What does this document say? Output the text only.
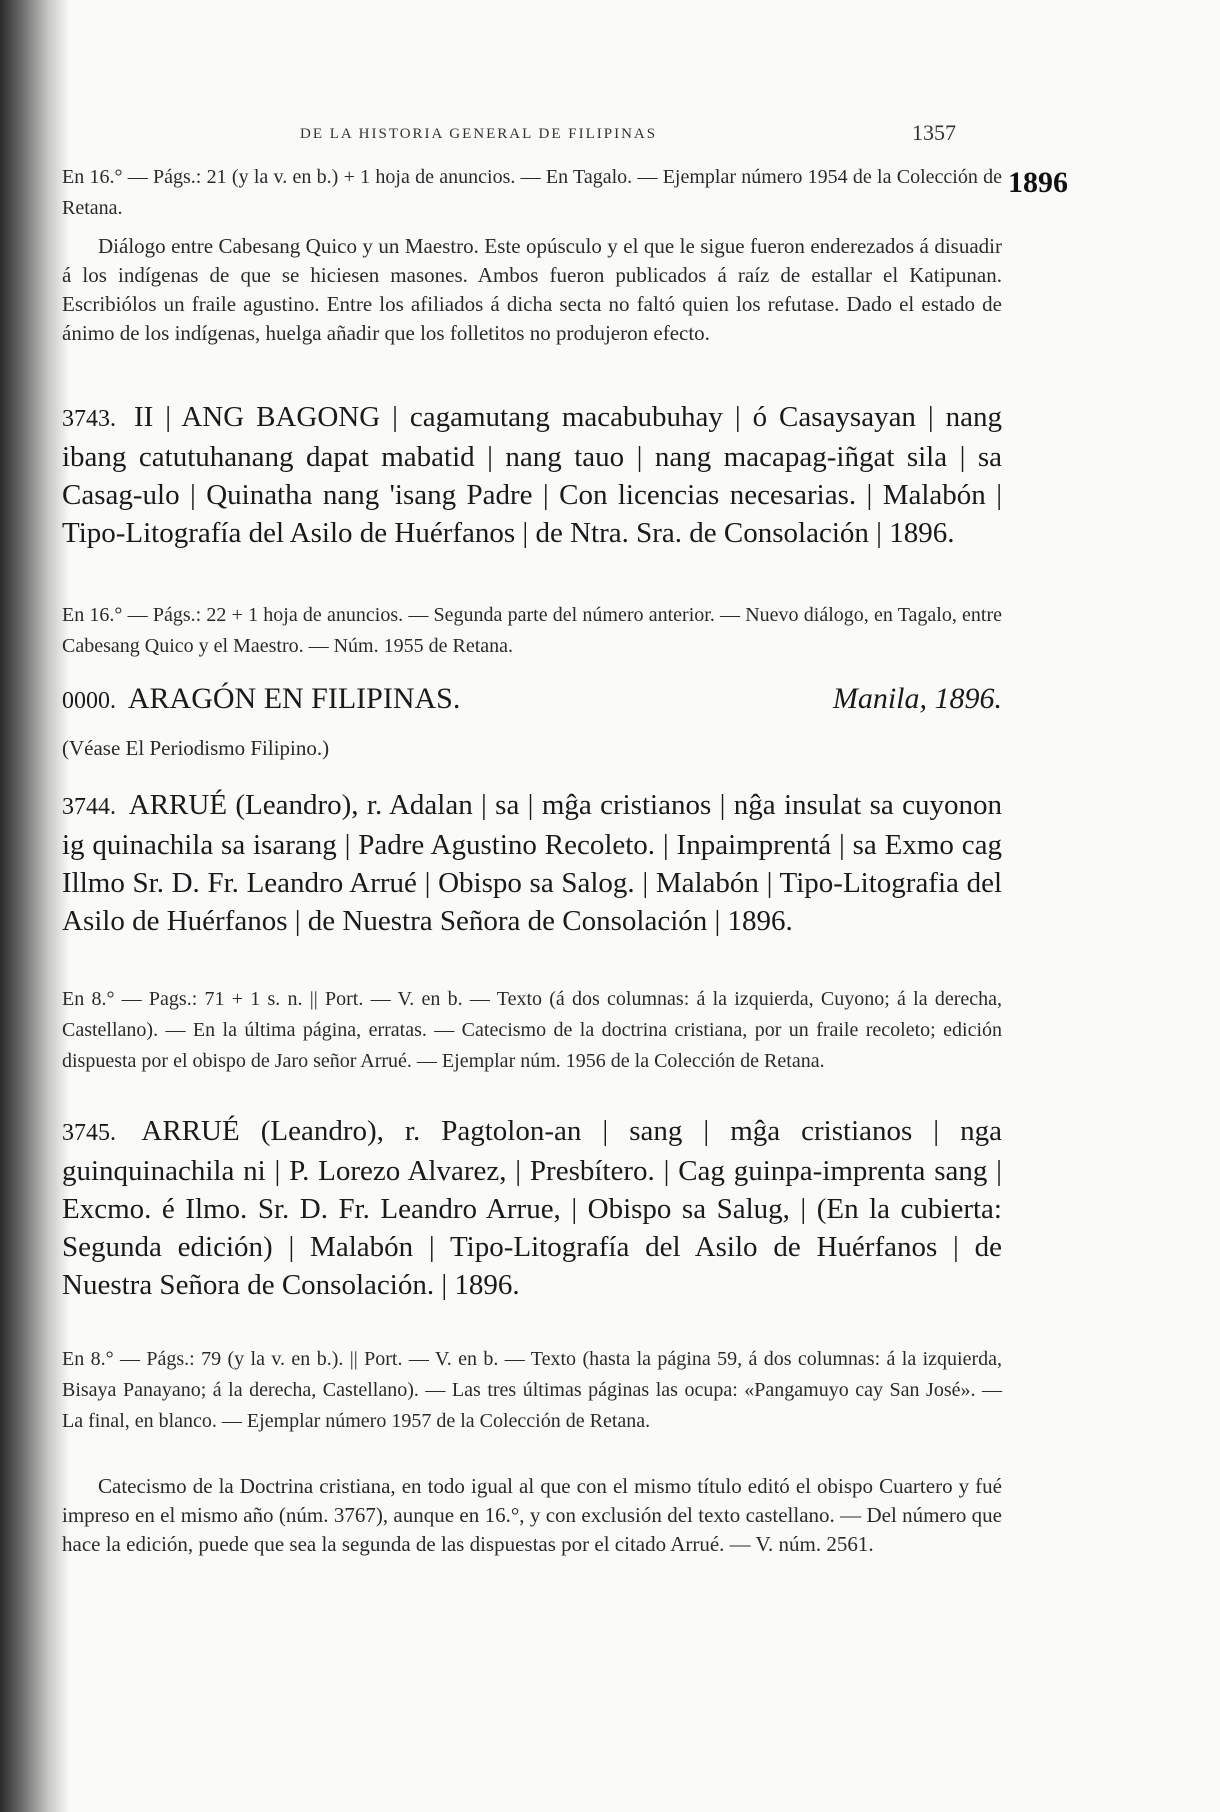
DE LA HISTORIA GENERAL DE FILIPINAS	1357
1896
En 16.° — Págs.: 21 (y la v. en b.) + 1 hoja de anuncios. — En Tagalo. — Ejemplar número 1954 de la Colección de Retana.
Diálogo entre Cabesang Quico y un Maestro. Este opúsculo y el que le sigue fueron enderezados á disuadir á los indígenas de que se hiciesen masones. Ambos fueron publicados á raíz de estallar el Katipunan. Escribiólos un fraile agustino. Entre los afiliados á dicha secta no faltó quien los refutase. Dado el estado de ánimo de los indígenas, huelga añadir que los folletitos no produjeron efecto.
3743. II | ANG BAGONG | cagamutang macabubuhay | ó Casaysayan | nang ibang catutuhanang dapat mabatid | nang tauo | nang macapag-iñgat sila | sa Casag-ulo | Quinatha nang 'isang Padre | Con licencias necesarias. | Malabón | Tipo-Litografía del Asilo de Huérfanos | de Ntra. Sra. de Consolación | 1896.
En 16.° — Págs.: 22 + 1 hoja de anuncios. — Segunda parte del número anterior. — Nuevo diálogo, en Tagalo, entre Cabesang Quico y el Maestro. — Núm. 1955 de Retana.
0000. ARAGÓN EN FILIPINAS.	Manila, 1896.
(Véase El Periodismo Filipino.)
3744. ARRUÉ (Leandro), r. Adalan | sa | mĝa cristianos | nĝa insulat sa cuyonon ig quinachila sa isarang | Padre Agustino Recoleto. | Inpaimprentá | sa Exmo cag Illmo Sr. D. Fr. Leandro Arrué | Obispo sa Salog. | Malabón | Tipo-Litografia del Asilo de Huérfanos | de Nuestra Señora de Consolación | 1896.
En 8.° — Pags.: 71 + 1 s. n. || Port. — V. en b. — Texto (á dos columnas: á la izquierda, Cuyono; á la derecha, Castellano). — En la última página, erratas. — Catecismo de la doctrina cristiana, por un fraile recoleto; edición dispuesta por el obispo de Jaro señor Arrué. — Ejemplar núm. 1956 de la Colección de Retana.
3745. ARRUÉ (Leandro), r. Pagtolon-an | sang | mĝa cristianos | nga guinquinachila ni | P. Lorezo Alvarez, | Presbítero. | Cag guinpa-imprenta sang | Excmo. é Ilmo. Sr. D. Fr. Leandro Arrue, | Obispo sa Salug, | (En la cubierta: Segunda edición) | Malabón | Tipo-Litografía del Asilo de Huérfanos | de Nuestra Señora de Consolación. | 1896.
En 8.° — Págs.: 79 (y la v. en b.). || Port. — V. en b. — Texto (hasta la página 59, á dos columnas: á la izquierda, Bisaya Panayano; á la derecha, Castellano). — Las tres últimas páginas las ocupa: «Pangamuyo cay San José». — La final, en blanco. — Ejemplar número 1957 de la Colección de Retana.
Catecismo de la Doctrina cristiana, en todo igual al que con el mismo título editó el obispo Cuartero y fué impreso en el mismo año (núm. 3767), aunque en 16.°, y con exclusión del texto castellano. — Del número que hace la edición, puede que sea la segunda de las dispuestas por el citado Arrué. — V. núm. 2561.
